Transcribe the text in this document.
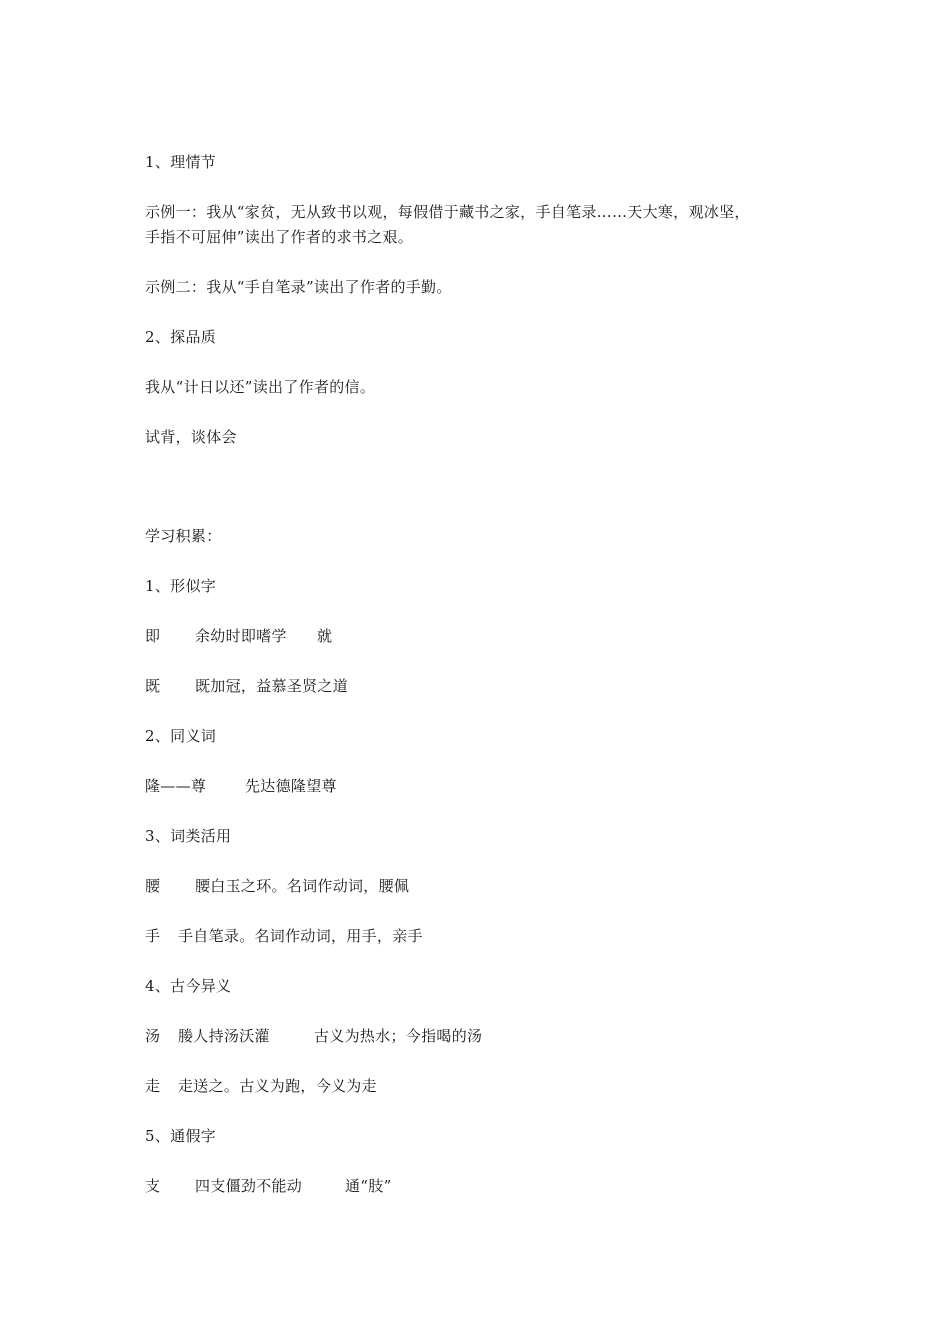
1、理情节
示例一：我从“家贫，无从致书以观，每假借于藏书之家，手自笔录……天大寒，观冰坚，
手指不可屈伸”读出了作者的求书之艰。
示例二：我从“手自笔录”读出了作者的手勤。
2、探品质
我从“计日以还”读出了作者的信。
试背，谈体会
学习积累：
1、形似字
即 余幼时即嗜学 就
既 既加冠，益慕圣贤之道
2、同义词
隆——尊	先达德隆望尊
3、词类活用
腰 腰白玉之环。名词作动词，腰佩
手 手自笔录。名词作动词，用手，亲手
4、古今异义
汤 媵人持汤沃灌	古义为热水；今指喝的汤
走 走送之。古义为跑，今义为走
5、通假字
支 四支僵劲不能动	通“肢”
